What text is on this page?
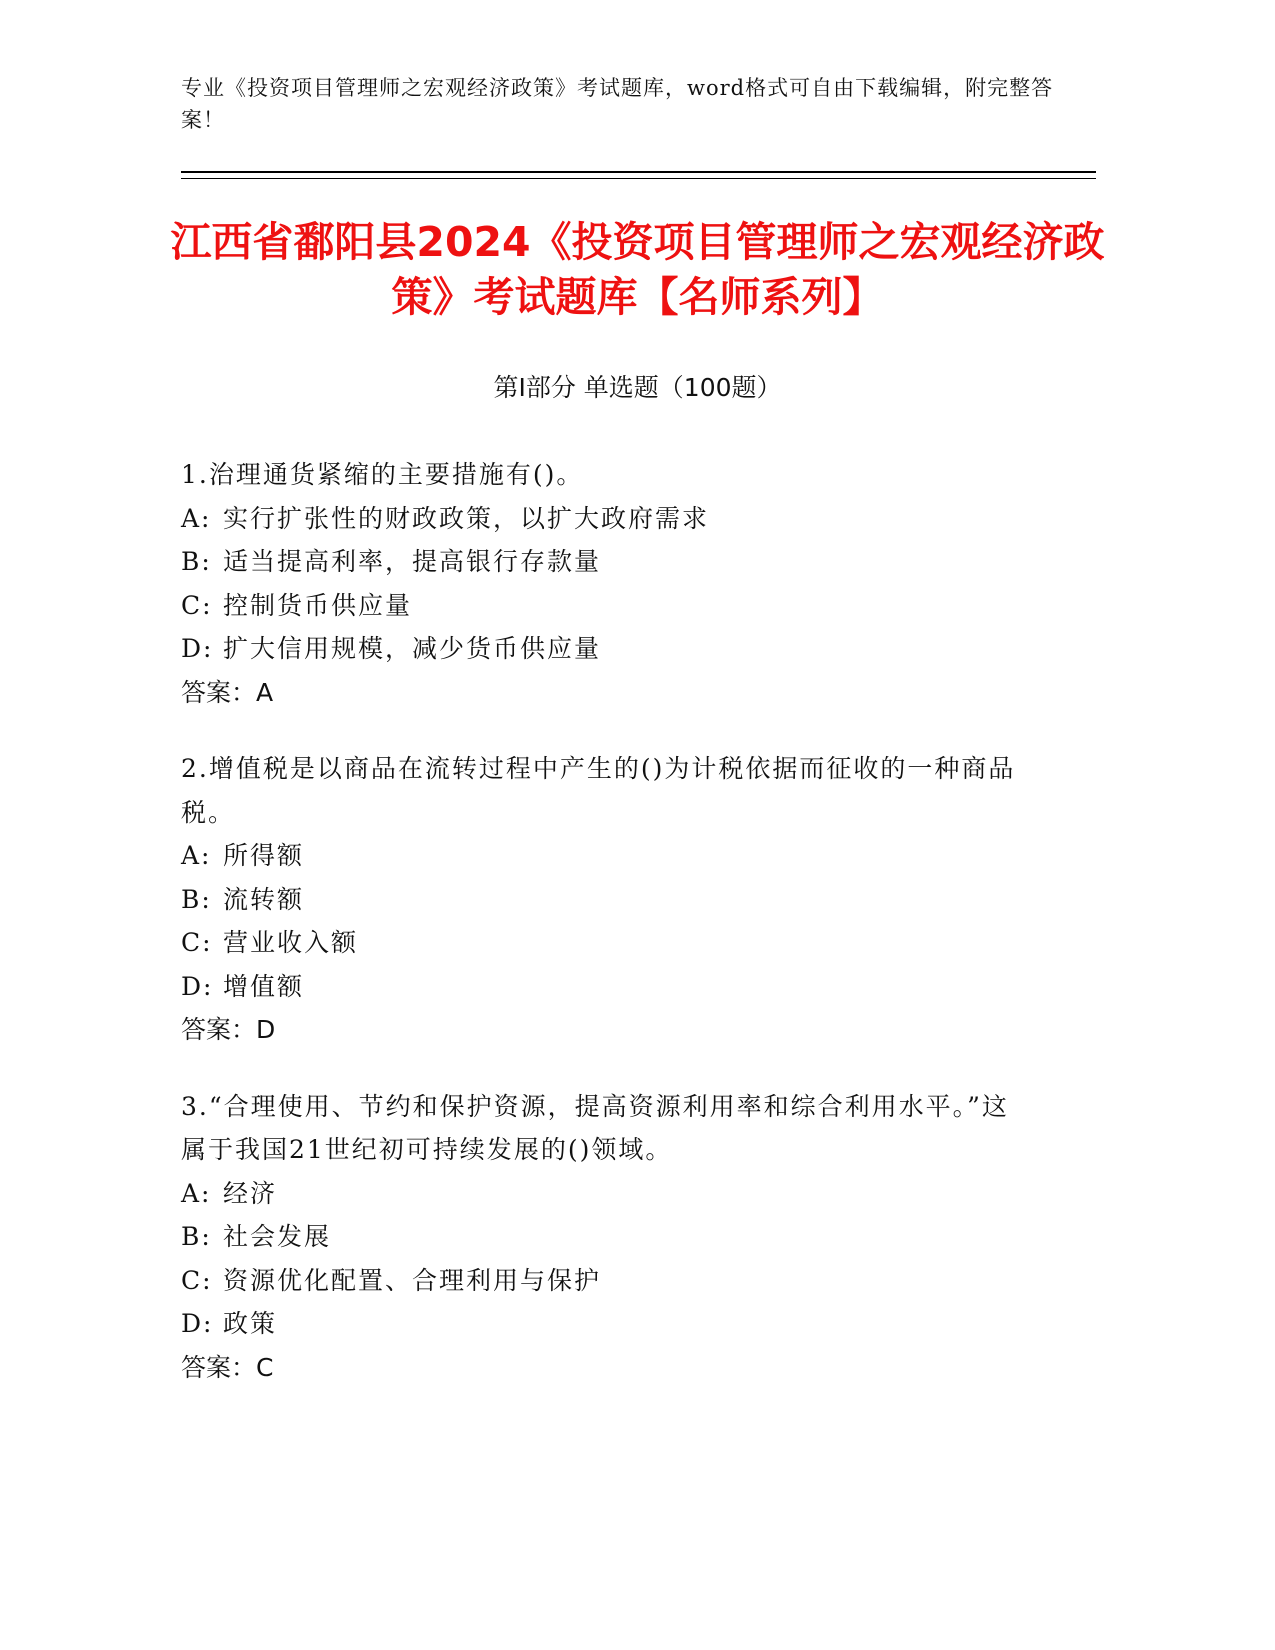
专业《投资项目管理师之宏观经济政策》考试题库，word格式可自由下载编辑，附完整答案！
江西省鄱阳县2024《投资项目管理师之宏观经济政策》考试题库【名师系列】
第Ⅰ部分 单选题（100题）
1.治理通货紧缩的主要措施有()。
A: 实行扩张性的财政政策，以扩大政府需求
B: 适当提高利率，提高银行存款量
C: 控制货币供应量
D: 扩大信用规模，减少货币供应量
答案：A
2.增值税是以商品在流转过程中产生的()为计税依据而征收的一种商品税。
A: 所得额
B: 流转额
C: 营业收入额
D: 增值额
答案：D
3.“合理使用、节约和保护资源，提高资源利用率和综合利用水平。”这属于我国21世纪初可持续发展的()领域。
A: 经济
B: 社会发展
C: 资源优化配置、合理利用与保护
D: 政策
答案：C
